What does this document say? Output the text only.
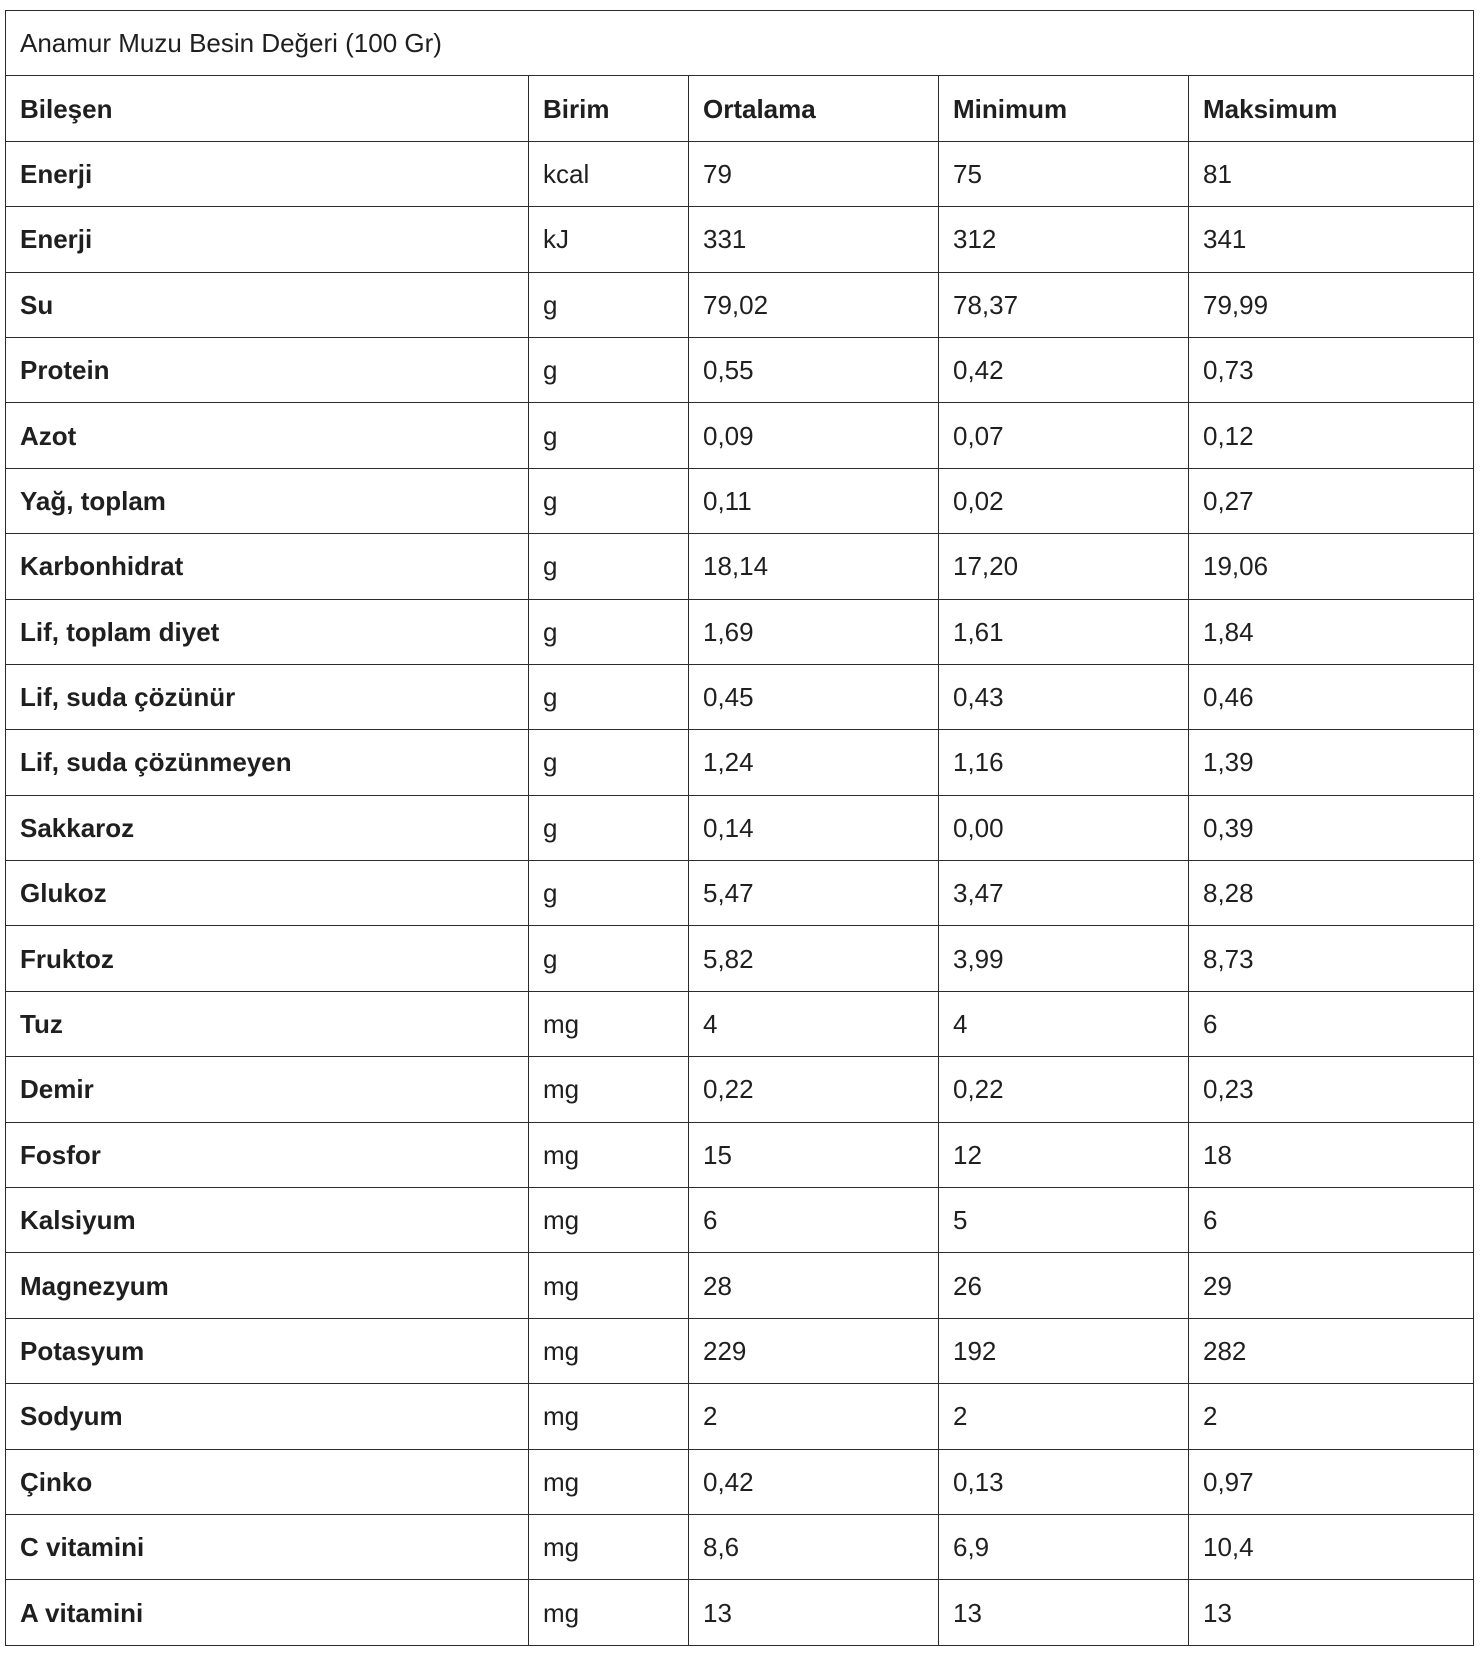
Anamur Muzu Besin Değeri (100 Gr)				
Bileşen	Birim	Ortalama	Minimum	Maksimum
Enerji	kcal	79	75	81
Enerji	kJ	331	312	341
Su	g	79,02	78,37	79,99
Protein	g	0,55	0,42	0,73
Azot	g	0,09	0,07	0,12
Yağ, toplam	g	0,11	0,02	0,27
Karbonhidrat	g	18,14	17,20	19,06
Lif, toplam diyet	g	1,69	1,61	1,84
Lif, suda çözünür	g	0,45	0,43	0,46
Lif, suda çözünmeyen	g	1,24	1,16	1,39
Sakkaroz	g	0,14	0,00	0,39
Glukoz	g	5,47	3,47	8,28
Fruktoz	g	5,82	3,99	8,73
Tuz	mg	4	4	6
Demir	mg	0,22	0,22	0,23
Fosfor	mg	15	12	18
Kalsiyum	mg	6	5	6
Magnezyum	mg	28	26	29
Potasyum	mg	229	192	282
Sodyum	mg	2	2	2
Çinko	mg	0,42	0,13	0,97
C vitamini	mg	8,6	6,9	10,4
A vitamini	mg	13	13	13
